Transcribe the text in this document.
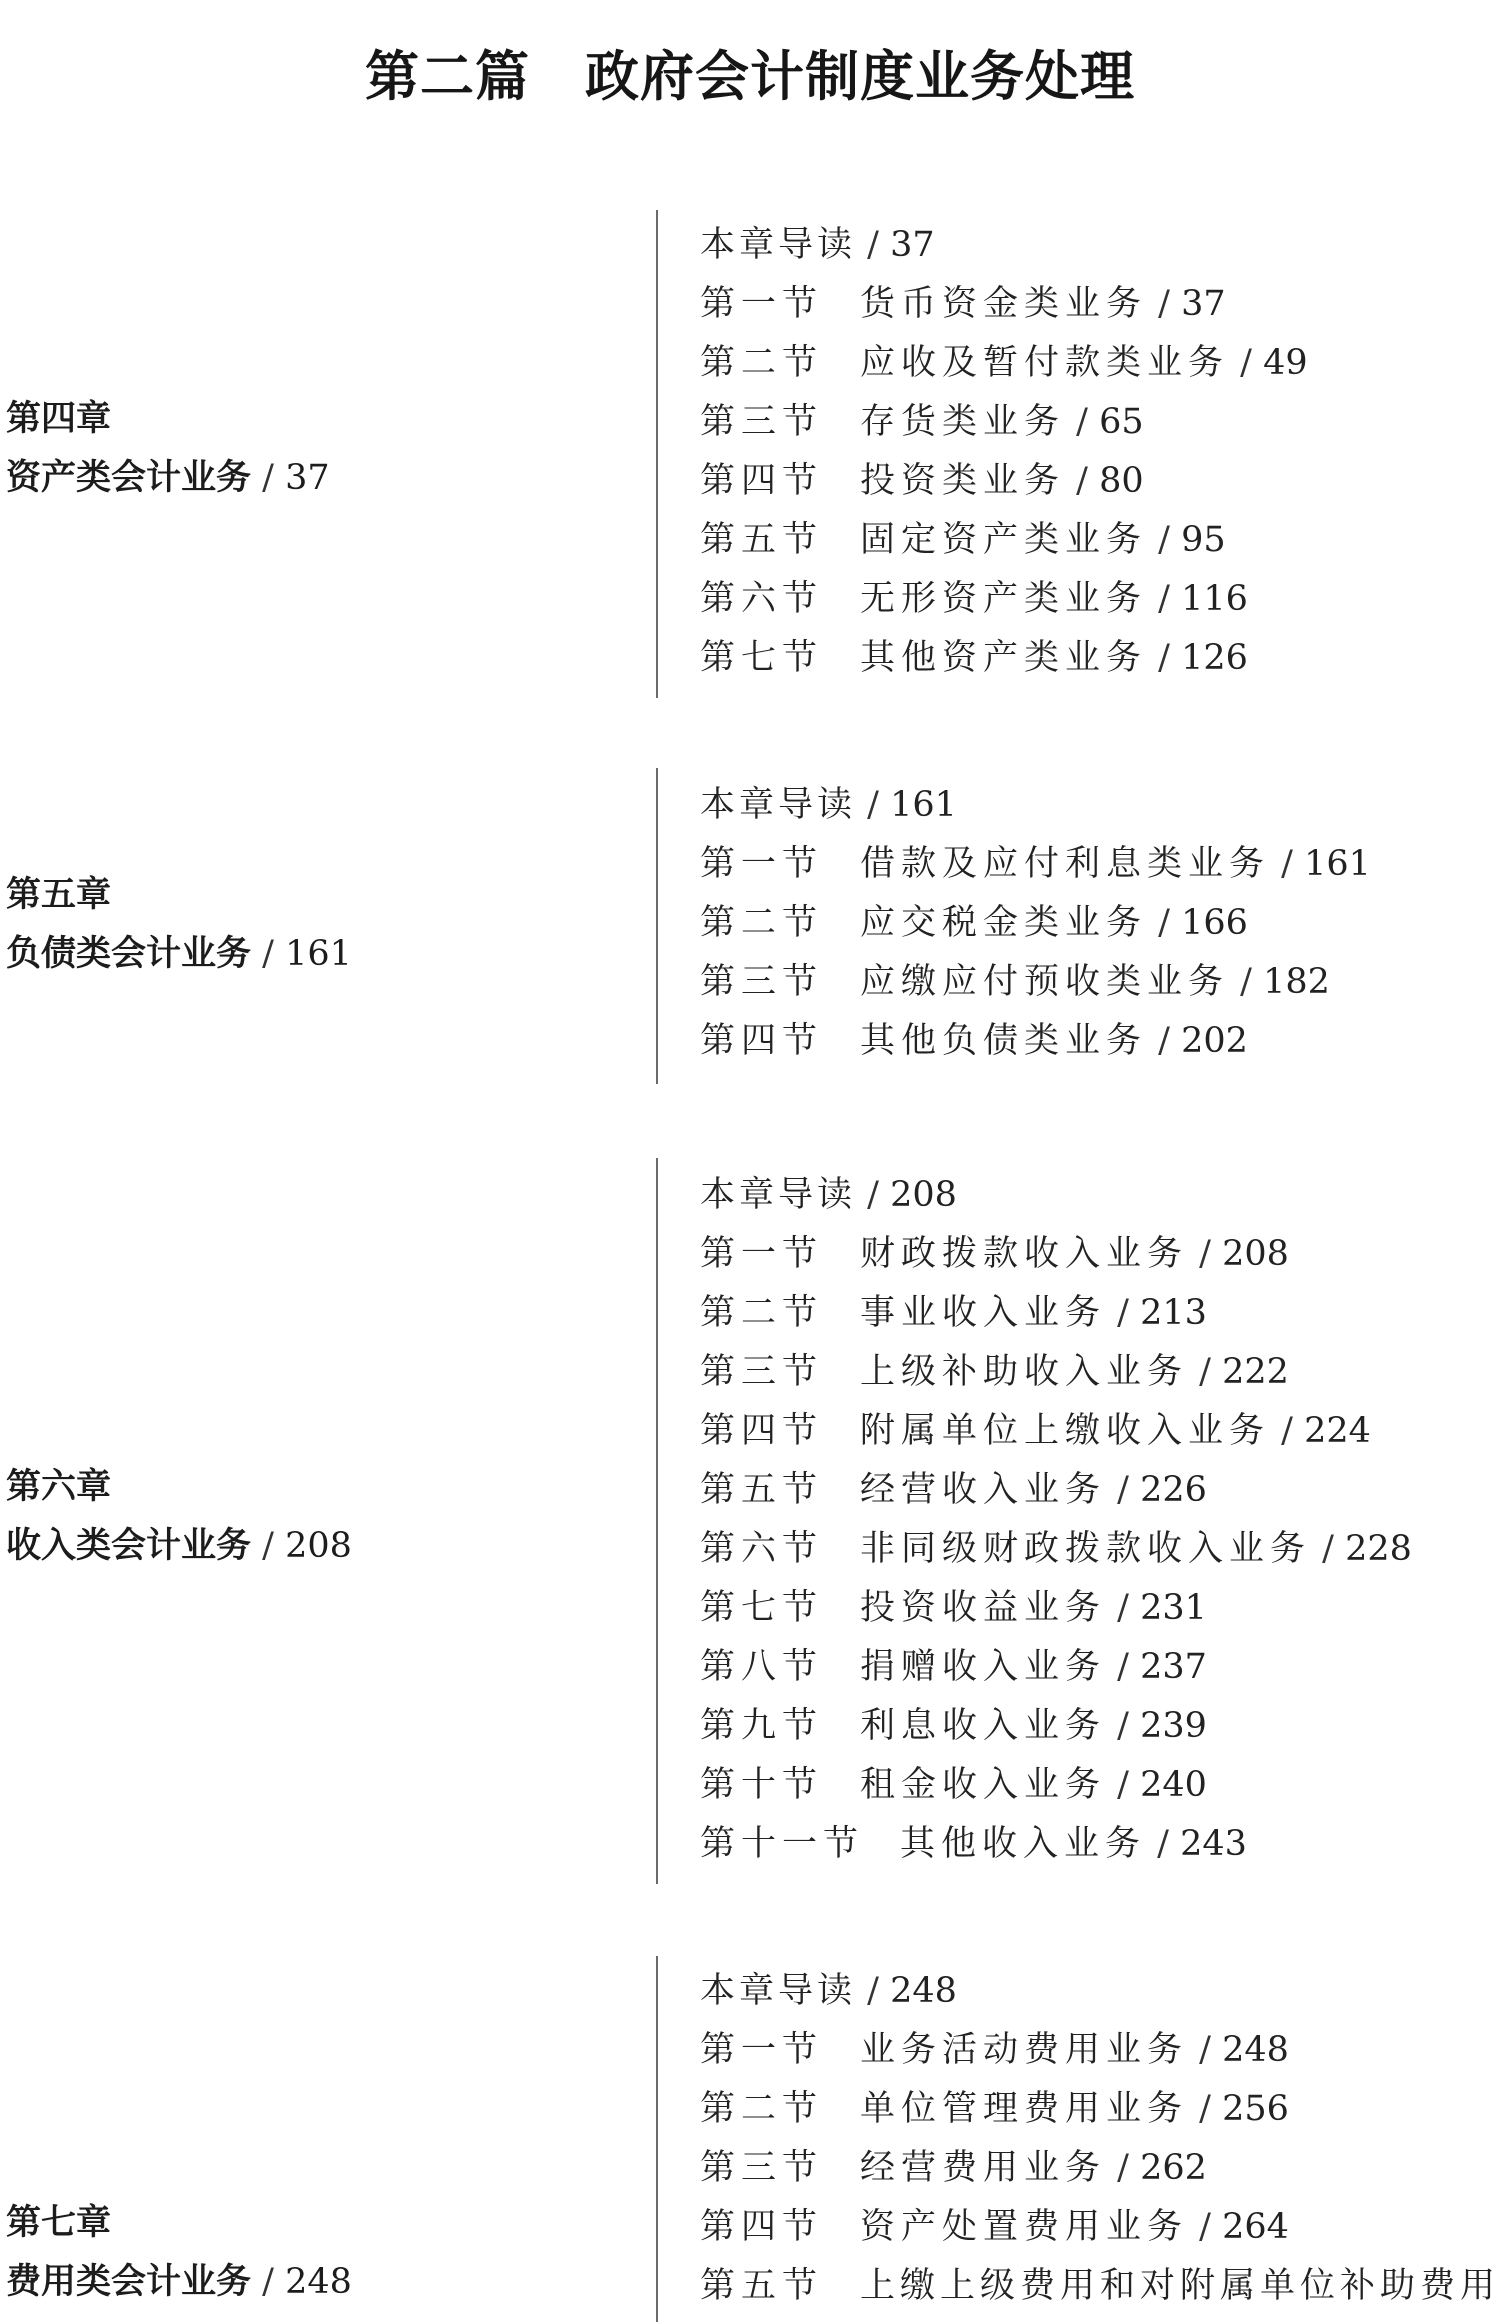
第二篇　政府会计制度业务处理
第四章
资产类会计业务 / 37
本章导读 / 37
第一节 货币资金类业务 / 37
第二节 应收及暂付款类业务 / 49
第三节 存货类业务 / 65
第四节 投资类业务 / 80
第五节 固定资产类业务 / 95
第六节 无形资产类业务 / 116
第七节 其他资产类业务 / 126
第五章
负债类会计业务 / 161
本章导读 / 161
第一节 借款及应付利息类业务 / 161
第二节 应交税金类业务 / 166
第三节 应缴应付预收类业务 / 182
第四节 其他负债类业务 / 202
第六章
收入类会计业务 / 208
本章导读 / 208
第一节 财政拨款收入业务 / 208
第二节 事业收入业务 / 213
第三节 上级补助收入业务 / 222
第四节 附属单位上缴收入业务 / 224
第五节 经营收入业务 / 226
第六节 非同级财政拨款收入业务 / 228
第七节 投资收益业务 / 231
第八节 捐赠收入业务 / 237
第九节 利息收入业务 / 239
第十节 租金收入业务 / 240
第十一节 其他收入业务 / 243
第七章
费用类会计业务 / 248
本章导读 / 248
第一节 业务活动费用业务 / 248
第二节 单位管理费用业务 / 256
第三节 经营费用业务 / 262
第四节 资产处置费用业务 / 264
第五节 上缴上级费用和对附属单位补助费用
